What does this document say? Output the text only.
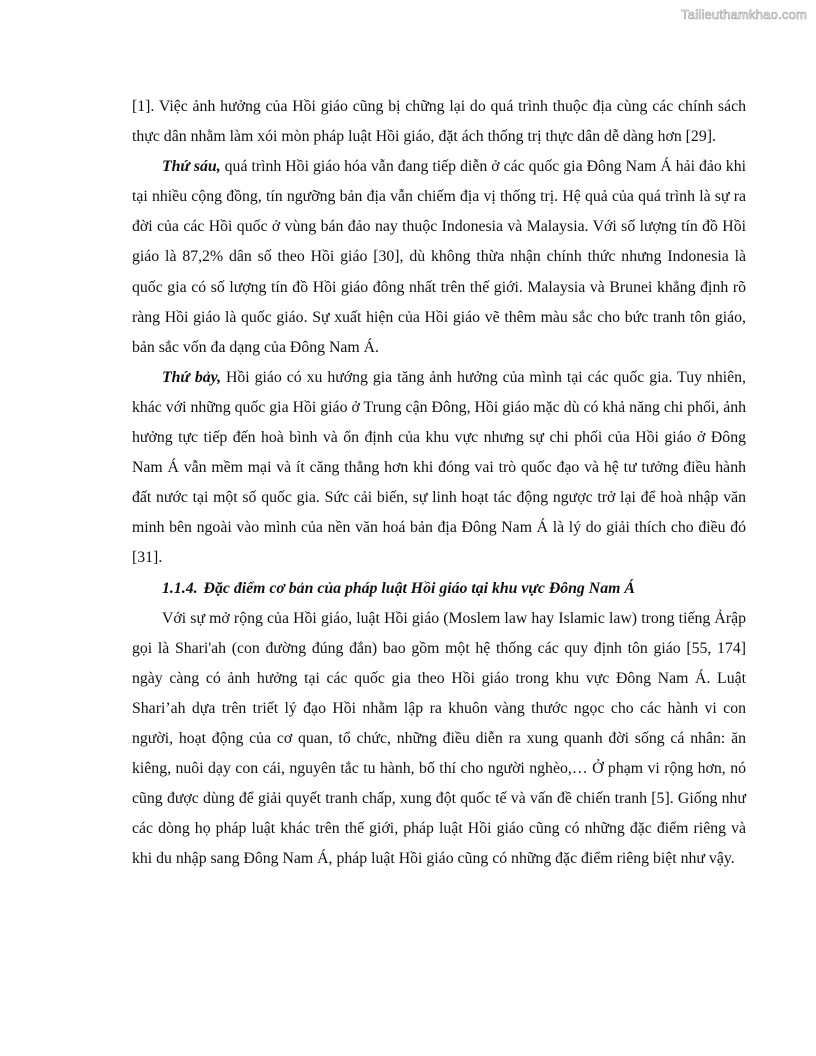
Tailieuthamkhao.com

[1]. Việc ảnh hưởng của Hồi giáo cũng bị chững lại do quá trình thuộc địa cùng các chính sách thực dân nhằm làm xói mòn pháp luật Hồi giáo, đặt ách thống trị thực dân dễ dàng hơn [29].

Thứ sáu, quá trình Hồi giáo hóa vẫn đang tiếp diễn ở các quốc gia Đông Nam Á hải đảo khi tại nhiều cộng đồng, tín ngưỡng bản địa vẫn chiếm địa vị thống trị. Hệ quả của quá trình là sự ra đời của các Hồi quốc ở vùng bán đảo nay thuộc Indonesia và Malaysia. Với số lượng tín đồ Hồi giáo là 87,2% dân số theo Hồi giáo [30], dù không thừa nhận chính thức nhưng Indonesia là quốc gia có số lượng tín đồ Hồi giáo đông nhất trên thế giới. Malaysia và Brunei khẳng định rõ ràng Hồi giáo là quốc giáo. Sự xuất hiện của Hồi giáo vẽ thêm màu sắc cho bức tranh tôn giáo, bản sắc vốn đa dạng của Đông Nam Á.

Thứ bảy, Hồi giáo có xu hướng gia tăng ảnh hưởng của mình tại các quốc gia. Tuy nhiên, khác với những quốc gia Hồi giáo ở Trung cận Đông, Hồi giáo mặc dù có khả năng chi phối, ảnh hưởng tực tiếp đến hoà bình và ổn định của khu vực nhưng sự chi phối của Hồi giáo ở Đông Nam Á vẫn mềm mại và ít căng thẳng hơn khi đóng vai trò quốc đạo và hệ tư tưởng điều hành đất nước tại một số quốc gia. Sức cải biến, sự linh hoạt tác động ngược trở lại để hoà nhập văn minh bên ngoài vào mình của nền văn hoá bản địa Đông Nam Á là lý do giải thích cho điều đó [31].

1.1.4. Đặc điểm cơ bản của pháp luật Hồi giáo tại khu vực Đông Nam Á

Với sự mở rộng của Hồi giáo, luật Hồi giáo (Moslem law hay Islamic law) trong tiếng Ảrập gọi là Shari'ah (con đường đúng đắn) bao gồm một hệ thống các quy định tôn giáo [55, 174] ngày càng có ảnh hưởng tại các quốc gia theo Hồi giáo trong khu vực Đông Nam Á. Luật Shari’ah dựa trên triết lý đạo Hồi nhằm lập ra khuôn vàng thước ngọc cho các hành vi con người, hoạt động của cơ quan, tổ chức, những điều diễn ra xung quanh đời sống cá nhân: ăn kiêng, nuôi dạy con cái, nguyên tắc tu hành, bố thí cho người nghèo,… Ở phạm vi rộng hơn, nó cũng được dùng để giải quyết tranh chấp, xung đột quốc tế và vấn đề chiến tranh [5]. Giống như các dòng họ pháp luật khác trên thế giới, pháp luật Hồi giáo cũng có những đặc điểm riêng và khi du nhập sang Đông Nam Á, pháp luật Hồi giáo cũng có những đặc điểm riêng biệt như vậy.
